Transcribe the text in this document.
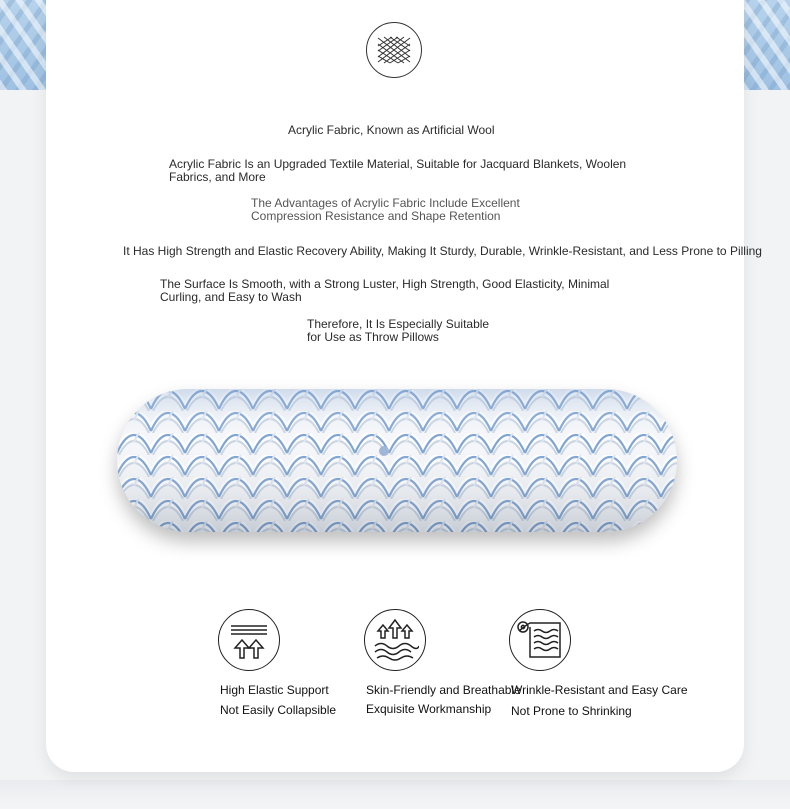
Acrylic Fabric, Known as Artificial Wool
Acrylic Fabric Is an Upgraded Textile Material, Suitable for Jacquard Blankets, Woolen
Fabrics, and More
The Advantages of Acrylic Fabric Include Excellent
Compression Resistance and Shape Retention
It Has High Strength and Elastic Recovery Ability, Making It Sturdy, Durable, Wrinkle-Resistant, and Less Prone to Pilling
The Surface Is Smooth, with a Strong Luster, High Strength, Good Elasticity, Minimal
Curling, and Easy to Wash
Therefore, It Is Especially Suitable
for Use as Throw Pillows
High Elastic Support
Not Easily Collapsible
Skin-Friendly and Breathable
Exquisite Workmanship
Wrinkle-Resistant and Easy Care
Not Prone to Shrinking
